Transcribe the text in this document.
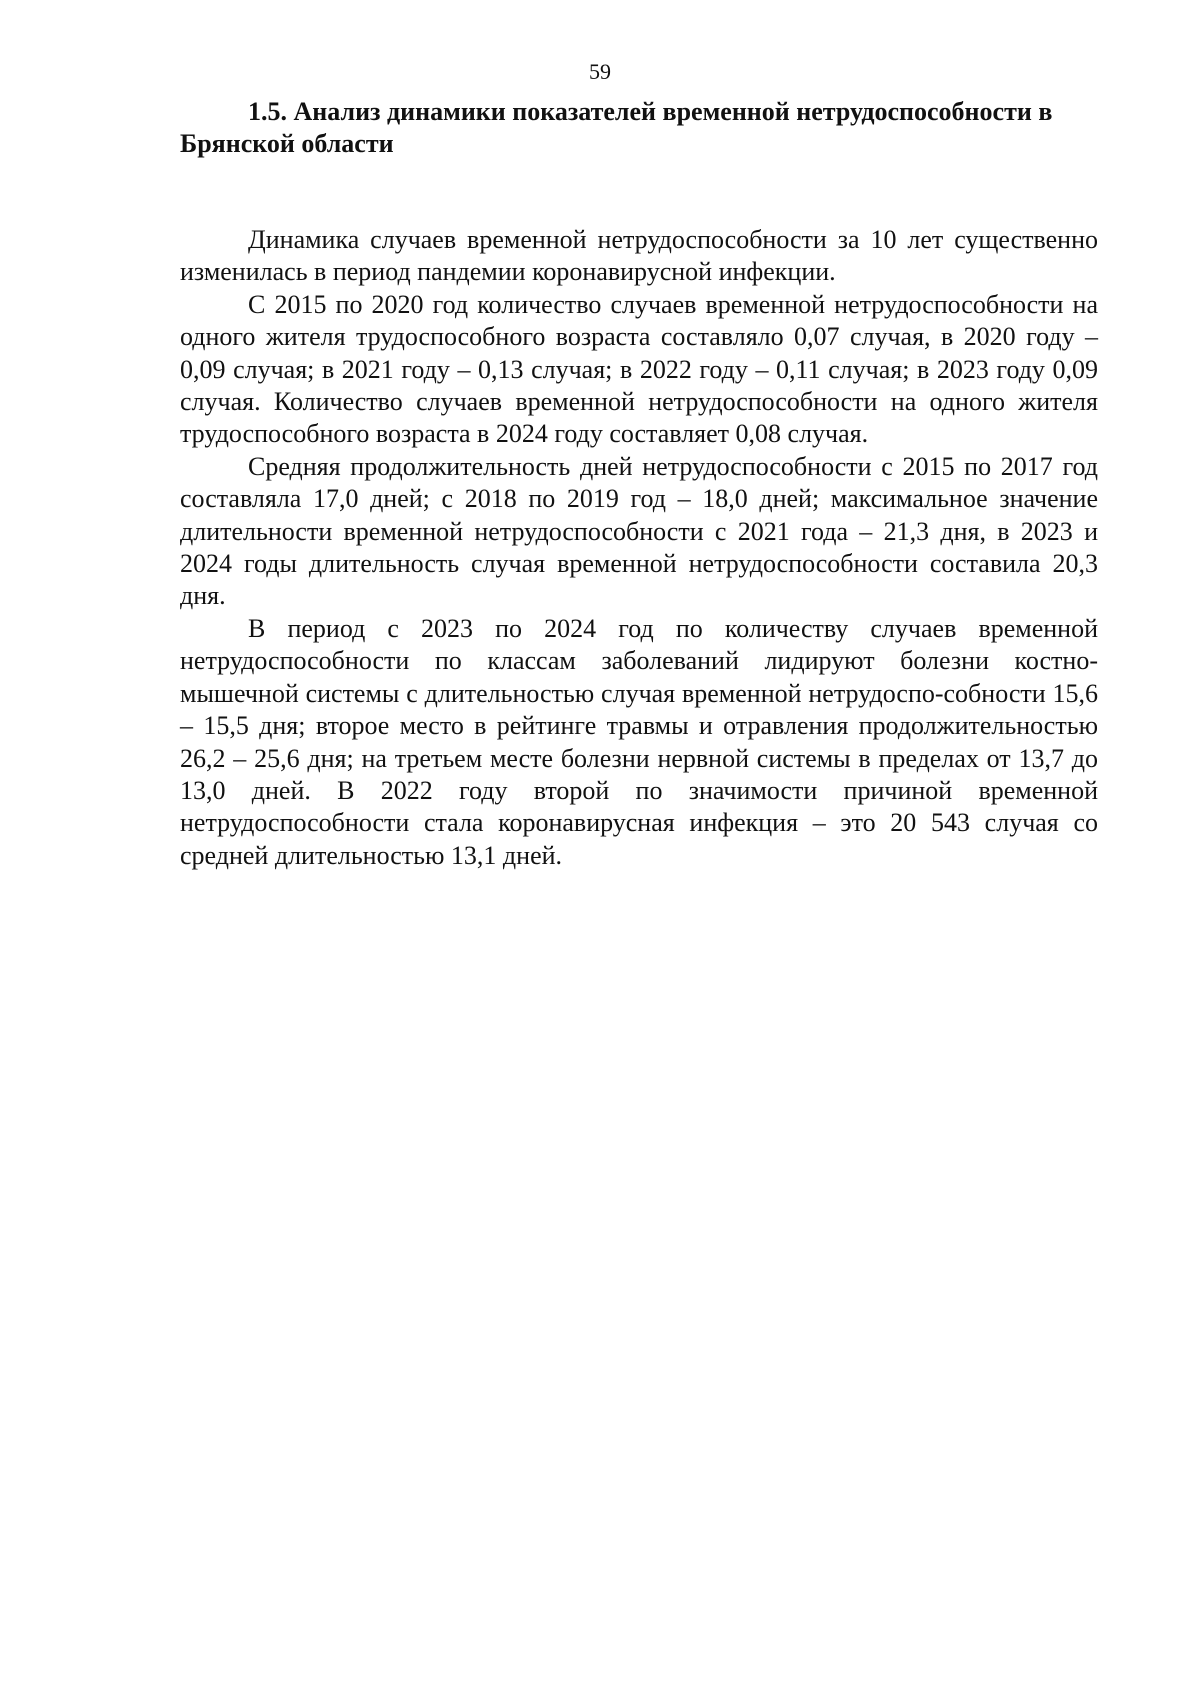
59
1.5. Анализ динамики показателей временной нетрудоспособности в Брянской области

Динамика случаев временной нетрудоспособности за 10 лет существенно изменилась в период пандемии коронавирусной инфекции.

С 2015 по 2020 год количество случаев временной нетрудоспособности на одного жителя трудоспособного возраста составляло 0,07 случая, в 2020 году – 0,09 случая; в 2021 году – 0,13 случая; в 2022 году – 0,11 случая; в 2023 году 0,09 случая. Количество случаев временной нетрудоспособности на одного жителя трудоспособного возраста в 2024 году составляет 0,08 случая.

Средняя продолжительность дней нетрудоспособности с 2015 по 2017 год составляла 17,0 дней; с 2018 по 2019 год – 18,0 дней; максимальное значение длительности временной нетрудоспособности с 2021 года – 21,3 дня, в 2023 и 2024 годы длительность случая временной нетрудоспособности составила 20,3 дня.

В период с 2023 по 2024 год по количеству случаев временной нетрудоспособности по классам заболеваний лидируют болезни костно-мышечной системы с длительностью случая временной нетрудоспо-собности 15,6 – 15,5 дня; второе место в рейтинге травмы и отравления продолжительностью 26,2 – 25,6 дня; на третьем месте болезни нервной системы в пределах от 13,7 до 13,0 дней. В 2022 году второй по значимости причиной временной нетрудоспособности стала коронавирусная инфекция – это 20 543 случая со средней длительностью 13,1 дней.
